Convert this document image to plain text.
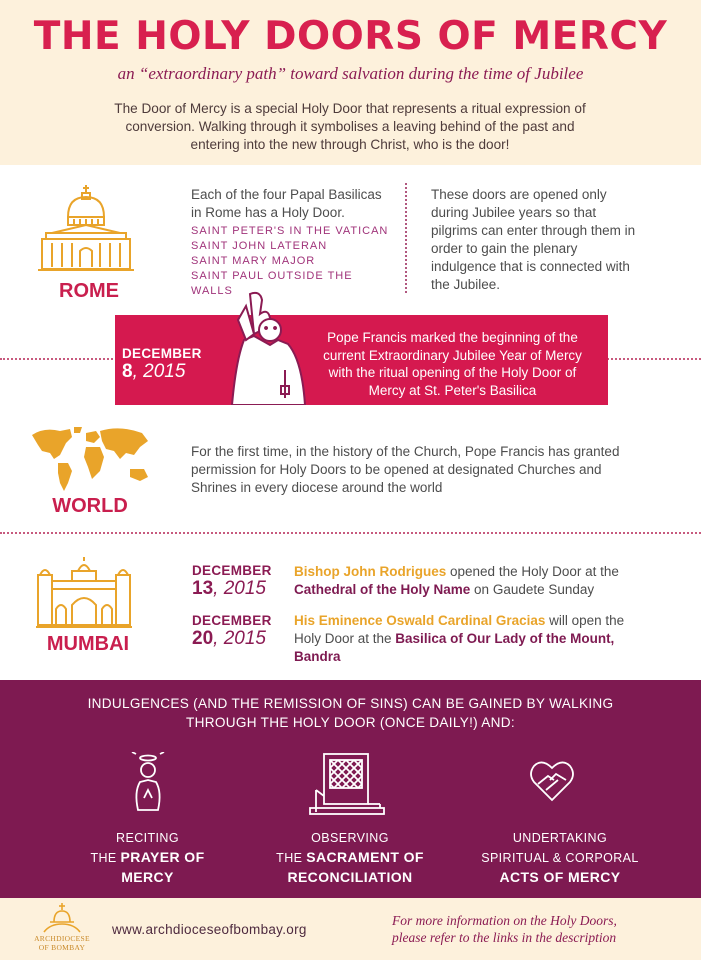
THE HOLY DOORS OF MERCY
an “extraordinary path” toward salvation during the time of Jubilee
The Door of Mercy is a special Holy Door that represents a ritual expression of conversion. Walking through it symbolises a leaving behind of the past and entering into the new through Christ, who is the door!
ROME
Each of the four Papal Basilicas in Rome has a Holy Door.
SAINT PETER'S IN THE VATICAN
SAINT JOHN LATERAN
SAINT MARY MAJOR
SAINT PAUL OUTSIDE THE WALLS
These doors are opened only during Jubilee years so that pilgrims can enter through them in order to gain the plenary indulgence that is connected with the Jubilee.
DECEMBER
8, 2015
Pope Francis marked the beginning of the current Extraordinary Jubilee Year of Mercy with the ritual opening of the Holy Door of Mercy at St. Peter's Basilica
WORLD
For the first time, in the history of the Church, Pope Francis has granted permission for Holy Doors to be opened at designated Churches and Shrines in every diocese around the world
MUMBAI
DECEMBER
13, 2015
Bishop John Rodrigues opened the Holy Door at the Cathedral of the Holy Name on Gaudete Sunday
DECEMBER
20, 2015
His Eminence Oswald Cardinal Gracias will open the Holy Door at the Basilica of Our Lady of the Mount, Bandra
INDULGENCES (AND THE REMISSION OF SINS) CAN BE GAINED BY WALKING THROUGH THE HOLY DOOR (ONCE DAILY!) AND:
RECITING
THE PRAYER OF
MERCY
OBSERVING
THE SACRAMENT OF
RECONCILIATION
UNDERTAKING
SPIRITUAL & CORPORAL
ACTS OF MERCY
ARCHDIOCESE
OF BOMBAY
www.archdioceseofbombay.org
For more information on the Holy Doors, please refer to the links in the description
